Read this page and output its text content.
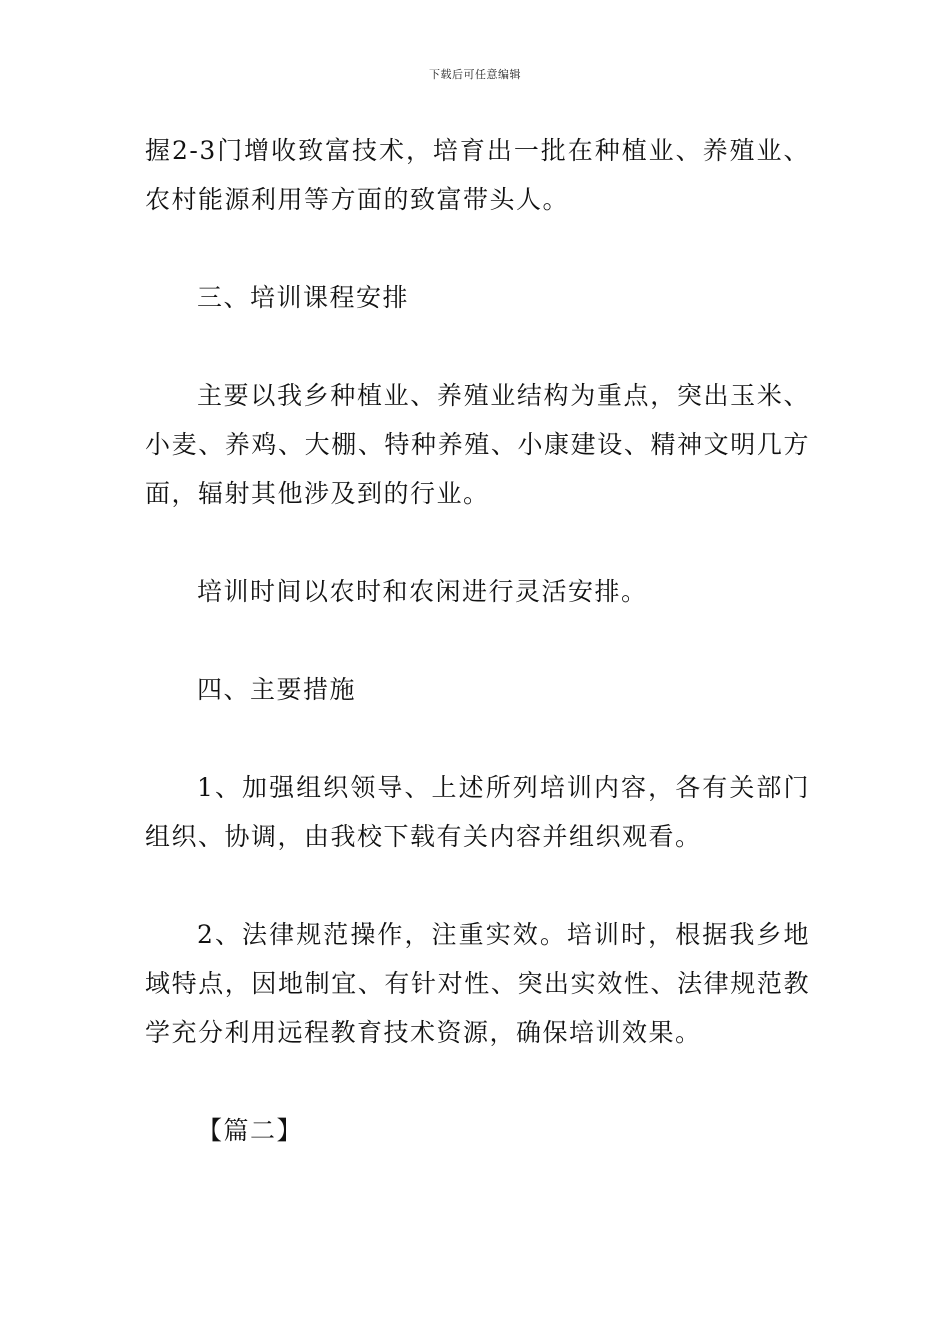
下载后可任意编辑

握2-3门增收致富技术，培育出一批在种植业、养殖业、农村能源利用等方面的致富带头人。

三、培训课程安排

主要以我乡种植业、养殖业结构为重点，突出玉米、小麦、养鸡、大棚、特种养殖、小康建设、精神文明几方面，辐射其他涉及到的行业。

培训时间以农时和农闲进行灵活安排。

四、主要措施

1、加强组织领导、上述所列培训内容，各有关部门组织、协调，由我校下载有关内容并组织观看。

2、法律规范操作，注重实效。培训时，根据我乡地域特点，因地制宜、有针对性、突出实效性、法律规范教学充分利用远程教育技术资源，确保培训效果。

【篇二】
